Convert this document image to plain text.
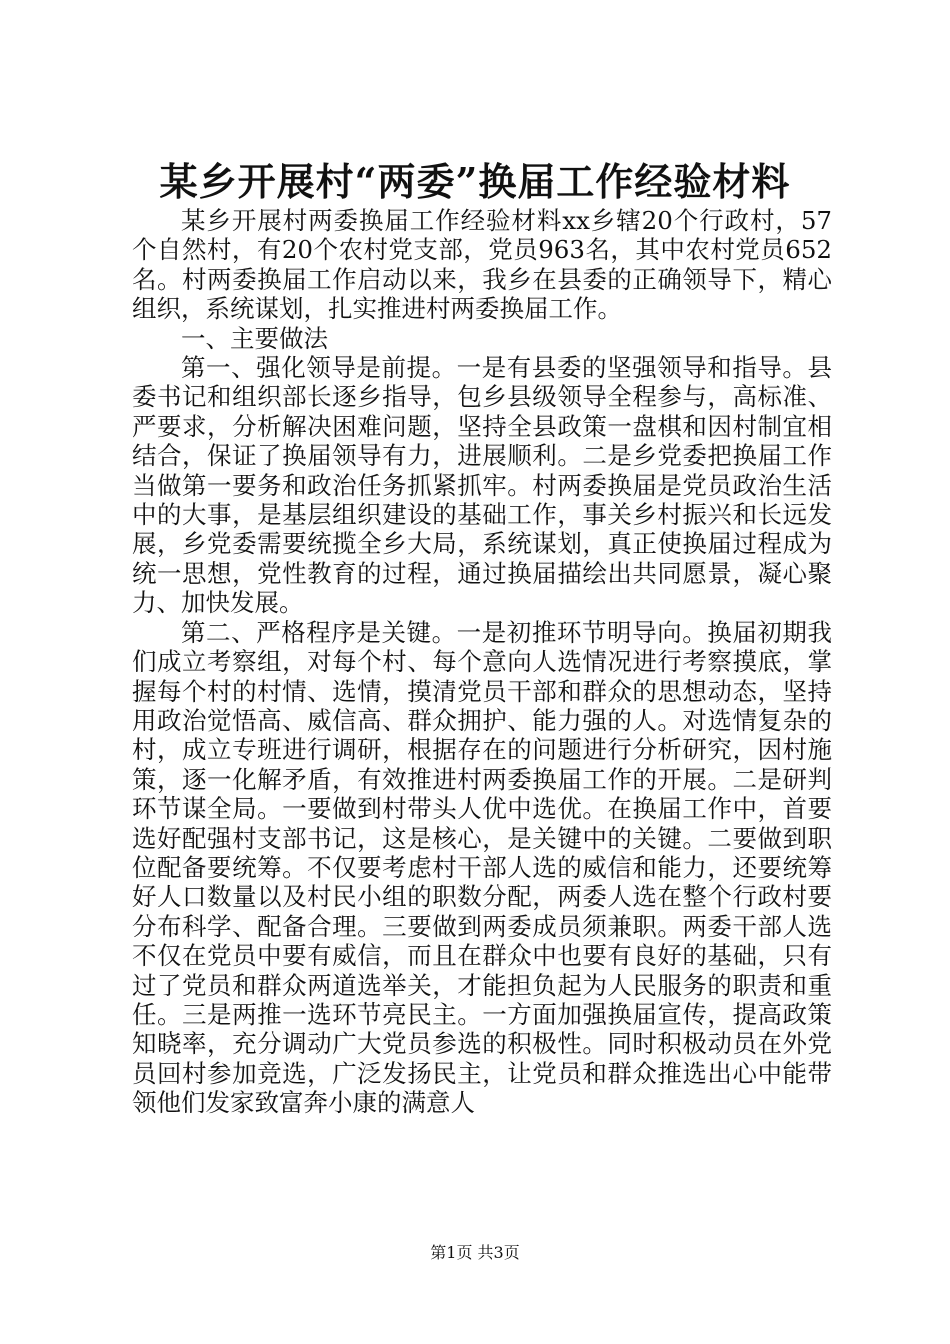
某乡开展村“两委”换届工作经验材料

某乡开展村两委换届工作经验材料xx乡辖20个行政村，57个自然村，有20个农村党支部，党员963名，其中农村党员652名。村两委换届工作启动以来，我乡在县委的正确领导下，精心组织，系统谋划，扎实推进村两委换届工作。

一、主要做法

第一、强化领导是前提。一是有县委的坚强领导和指导。县委书记和组织部长逐乡指导，包乡县级领导全程参与，高标准、严要求，分析解决困难问题，坚持全县政策一盘棋和因村制宜相结合，保证了换届领导有力，进展顺利。二是乡党委把换届工作当做第一要务和政治任务抓紧抓牢。村两委换届是党员政治生活中的大事，是基层组织建设的基础工作，事关乡村振兴和长远发展，乡党委需要统揽全乡大局，系统谋划，真正使换届过程成为统一思想，党性教育的过程，通过换届描绘出共同愿景，凝心聚力、加快发展。

第二、严格程序是关键。一是初推环节明导向。换届初期我们成立考察组，对每个村、每个意向人选情况进行考察摸底，掌握每个村的村情、选情，摸清党员干部和群众的思想动态，坚持用政治觉悟高、威信高、群众拥护、能力强的人。对选情复杂的村，成立专班进行调研，根据存在的问题进行分析研究，因村施策，逐一化解矛盾，有效推进村两委换届工作的开展。二是研判环节谋全局。一要做到村带头人优中选优。在换届工作中，首要选好配强村支部书记，这是核心，是关键中的关键。二要做到职位配备要统筹。不仅要考虑村干部人选的威信和能力，还要统筹好人口数量以及村民小组的职数分配，两委人选在整个行政村要分布科学、配备合理。三要做到两委成员须兼职。两委干部人选不仅在党员中要有威信，而且在群众中也要有良好的基础，只有过了党员和群众两道选举关，才能担负起为人民服务的职责和重任。三是两推一选环节亮民主。一方面加强换届宣传，提高政策知晓率，充分调动广大党员参选的积极性。同时积极动员在外党员回村参加竞选，广泛发扬民主，让党员和群众推选出心中能带领他们发家致富奔小康的满意人

第1页 共3页
